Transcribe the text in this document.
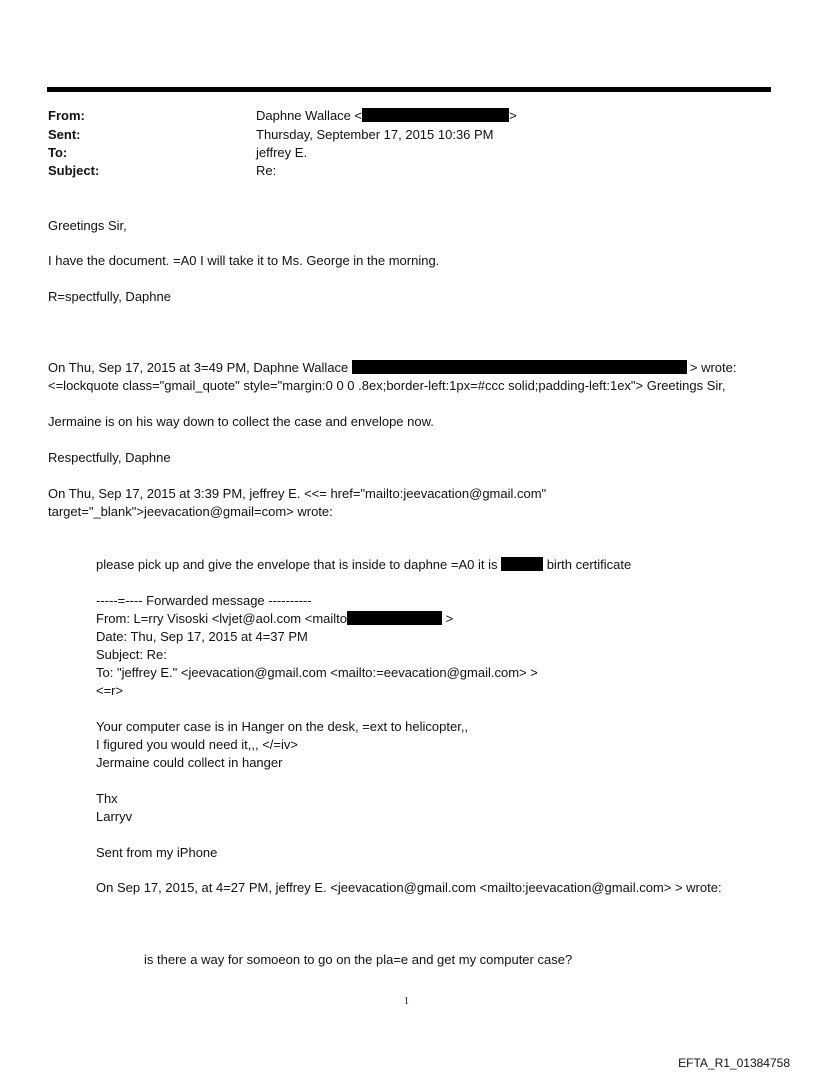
From:	Daphne Wallace <	>
Sent:	Thursday, September 17, 2015 10:36 PM
To:	jeffrey E.
Subject:	Re:
Greetings Sir,
I have the document. =A0 I will take it to Ms. George in the morning.
R=spectfully, Daphne
On Thu, Sep 17, 2015 at 3=49 PM, Daphne Wallace	> wrote:
<=lockquote class="gmail_quote" style="margin:0 0 0 .8ex;border-left:1px=#ccc solid;padding-left:1ex"> Greetings Sir,
Jermaine is on his way down to collect the case and envelope now.
Respectfully, Daphne
On Thu, Sep 17, 2015 at 3:39 PM, jeffrey E. <<= href="mailto:jeevacation@gmail.com"
target="_blank">jeevacation@gmail=com> wrote:
please pick up and give the envelope that is inside to daphne =A0 it is	birth certificate
-----=---- Forwarded message ----------
From: L=rry Visoski <lvjet@aol.com <mailto	>
Date: Thu, Sep 17, 2015 at 4=37 PM
Subject: Re:
To: "jeffrey E." <jeevacation@gmail.com <mailto:=eevacation@gmail.com> >
<=r>
Your computer case is in Hanger on the desk, =ext to helicopter,,
I figured you would need it,,, </=iv>
Jermaine could collect in hanger
Thx
Larryv
Sent from my iPhone
On Sep 17, 2015, at 4=27 PM, jeffrey E. <jeevacation@gmail.com <mailto:jeevacation@gmail.com> > wrote:
is there a way for somoeon to go on the pla=e and get my computer case?
1
EFTA_R1_01384758
